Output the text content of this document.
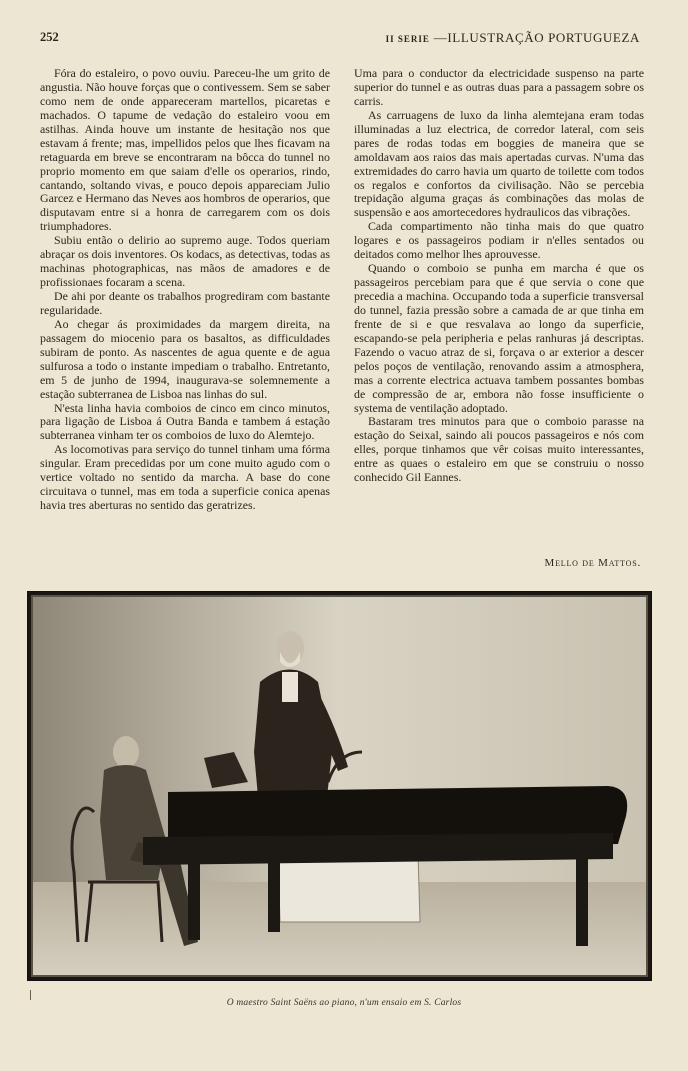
252	II SERIE —ILLUSTRAÇÃO PORTUGUEZA

Fóra do estaleiro, o povo ouviu. Pareceu-lhe um grito de angustia. Não houve forças que o contivessem. Sem se saber como nem de onde appareceram martellos, picaretas e machados. O tapume de vedação do estaleiro voou em astilhas. Ainda houve um instante de hesitação nos que estavam á frente; mas, impellidos pelos que lhes ficavam na retaguarda em breve se encontraram na bôcca do tunnel no proprio momento em que saiam d'elle os operarios, rindo, cantando, soltando vivas, e pouco depois appareciam Julio Garcez e Hermano das Neves aos hombros de operarios, que disputavam entre si a honra de carregarem com os dois triumphadores.

Subiu então o delirio ao supremo auge. Todos queriam abraçar os dois inventores. Os kodacs, as detectivas, todas as machinas photographicas, nas mãos de amadores e de profissionaes focaram a scena.

De ahi por deante os trabalhos progrediram com bastante regularidade.

Ao chegar ás proximidades da margem direita, na passagem do miocenio para os basaltos, as difficuldades subiram de ponto. As nascentes de agua quente e de agua sulfurosa a todo o instante impediam o trabalho. Entretanto, em 5 de junho de 1994, inaugurava-se solemnemente a estação subterranea de Lisboa nas linhas do sul.

N'esta linha havia comboios de cinco em cinco minutos, para ligação de Lisboa á Outra Banda e tambem á estação subterranea vinham ter os comboios de luxo do Alemtejo.

As locomotivas para serviço do tunnel tinham uma fórma singular. Eram precedidas por um cone muito agudo com o vertice voltado no sentido da marcha. A base do cone circuitava o tunnel, mas em toda a superficie conica apenas havia tres aberturas no sentido das geratrizes.

Uma para o conductor da electricidade suspenso na parte superior do tunnel e as outras duas para a passagem sobre os carris.

As carruagens de luxo da linha alemtejana eram todas illuminadas a luz electrica, de corredor lateral, com seis pares de rodas todas em boggies de maneira que se amoldavam aos raios das mais apertadas curvas. N'uma das extremidades do carro havia um quarto de toilette com todos os regalos e confortos da civilisação. Não se percebia trepidação alguma graças ás combinações das molas de suspensão e aos amortecedores hydraulicos das vibrações.

Cada compartimento não tinha mais do que quatro logares e os passageiros podiam ir n'elles sentados ou deitados como melhor lhes aprouvesse.

Quando o comboio se punha em marcha é que os passageiros percebiam para que é que servia o cone que precedia a machina. Occupando toda a superficie transversal do tunnel, fazia pressão sobre a camada de ar que tinha em frente de si e que resvalava ao longo da superficie, escapando-se pela peripheria e pelas ranhuras já descriptas. Fazendo o vacuo atraz de si, forçava o ar exterior a descer pelos poços de ventilação, renovando assim a atmosphera, mas a corrente electrica actuava tambem possantes bombas de compressão de ar, embora não fosse insufficiente o systema de ventilação adoptado.

Bastaram tres minutos para que o comboio parasse na estação do Seixal, saindo ali poucos passageiros e nós com elles, porque tinhamos que vêr coisas muito interessantes, entre as quaes o estaleiro em que se construiu o nosso conhecido Gil Eannes.

Mello de Mattos.
O maestro Saint Saëns ao piano, n'um ensaio em S. Carlos
